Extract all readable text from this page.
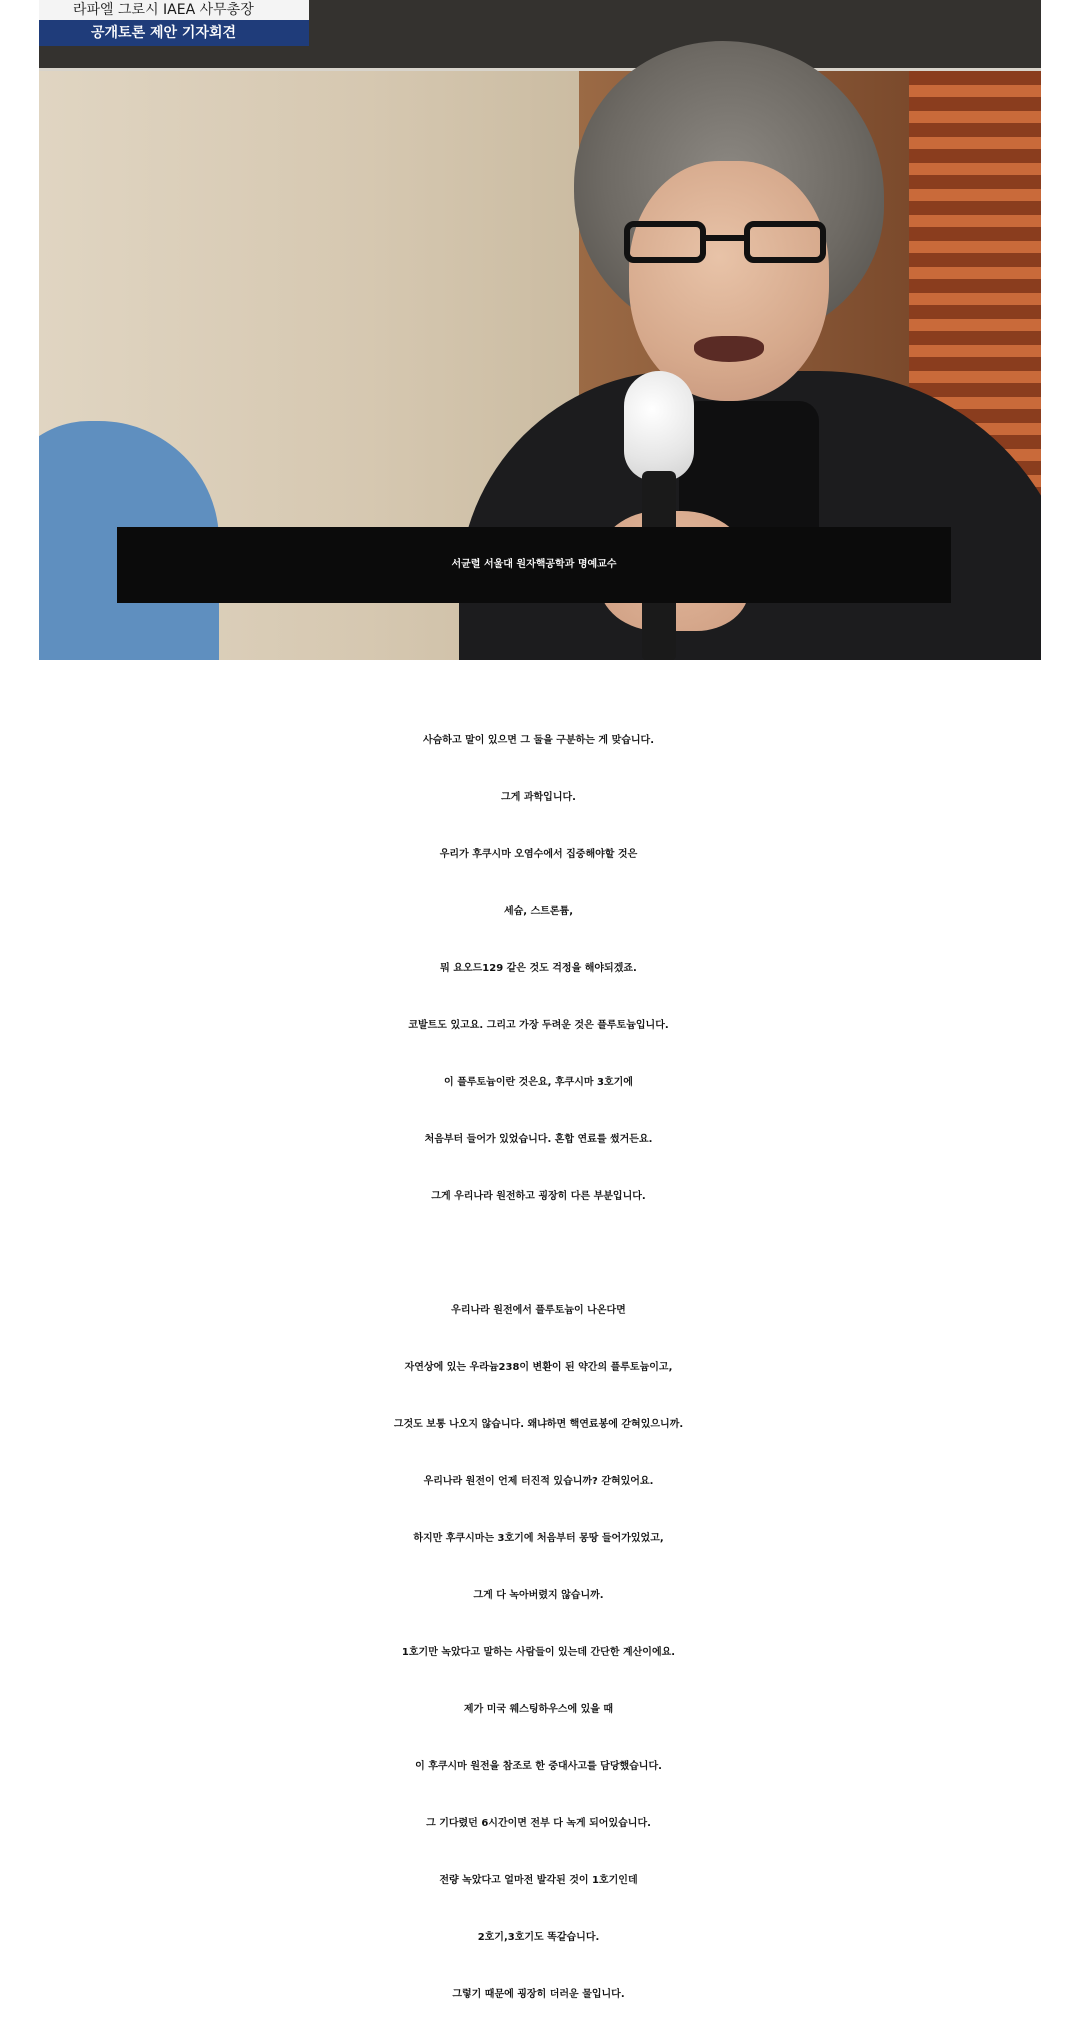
라파엘 그로시 IAEA 사무총장
공개토론 제안 기자회견
서균렬 서울대 원자핵공학과 명예교수
사슴하고 말이 있으면 그 둘을 구분하는 게 맞습니다.
그게 과학입니다.
우리가 후쿠시마 오염수에서 집중해야할 것은
세슘, 스트론튬,
뭐 요오드129 같은 것도 걱정을 해야되겠죠.
코발트도 있고요. 그리고 가장 두려운 것은 플루토늄입니다.
이 플루토늄이란 것은요, 후쿠시마 3호기에
처음부터 들어가 있었습니다. 혼합 연료를 썼거든요.
그게 우리나라 원전하고 굉장히 다른 부분입니다.
우리나라 원전에서 플루토늄이 나온다면
자연상에 있는 우라늄238이 변환이 된 약간의 플루토늄이고,
그것도 보통 나오지 않습니다. 왜냐하면 핵연료봉에 갇혀있으니까.
우리나라 원전이 언제 터진적 있습니까? 갇혀있어요.
하지만 후쿠시마는 3호기에 처음부터 몽땅 들어가있었고,
그게 다 녹아버렸지 않습니까.
1호기만 녹았다고 말하는 사람들이 있는데 간단한 계산이에요.
제가 미국 웨스팅하우스에 있을 때
이 후쿠시마 원전을 참조로 한 중대사고를 담당했습니다.
그 기다렸던 6시간이면 전부 다 녹게 되어있습니다.
전량 녹았다고 얼마전 발각된 것이 1호기인데
2호기,3호기도 똑같습니다.
그렇기 때문에 굉장히 더러운 물입니다.
